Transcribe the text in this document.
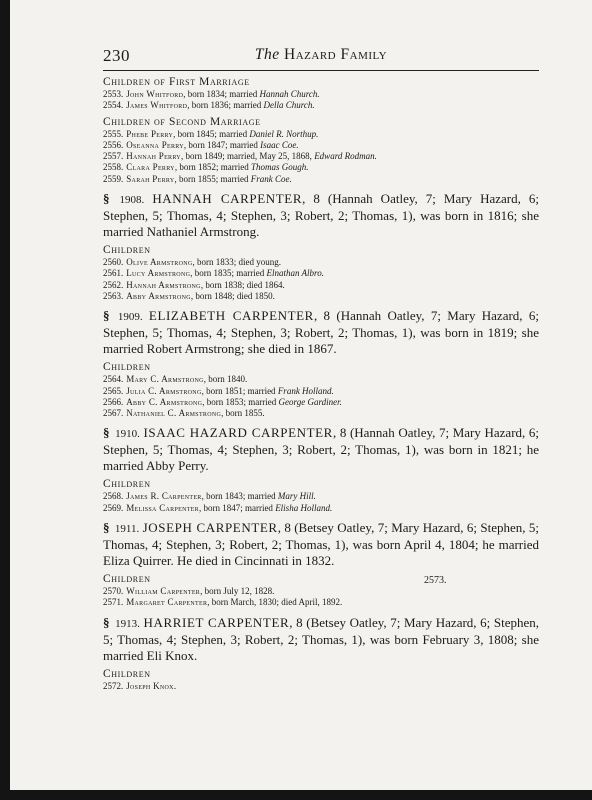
230	The Hazard Family

Children of First Marriage

2553. John Whitford, born 1834; married Hannah Church.
2554. James Whitford, born 1836; married Della Church.

Children of Second Marriage

2555. Phebe Perry, born 1845; married Daniel R. Northup.
2556. Oseanna Perry, born 1847; married Isaac Coe.
2557. Hannah Perry, born 1849; married, May 25, 1868, Edward Rodman.
2558. Clara Perry, born 1852; married Thomas Gough.
2559. Sarah Perry, born 1855; married Frank Coe.

§ 1908. HANNAH CARPENTER, 8 (Hannah Oatley, 7; Mary Hazard, 6; Stephen, 5; Thomas, 4; Stephen, 3; Robert, 2; Thomas, 1), was born in 1816; she married Nathaniel Armstrong.

Children

2560. Olive Armstrong, born 1833; died young.
2561. Lucy Armstrong, born 1835; married Elnathan Albro.
2562. Hannah Armstrong, born 1838; died 1864.
2563. Abby Armstrong, born 1848; died 1850.

§ 1909. ELIZABETH CARPENTER, 8 (Hannah Oatley, 7; Mary Hazard, 6; Stephen, 5; Thomas, 4; Stephen, 3; Robert, 2; Thomas, 1), was born in 1819; she married Robert Armstrong; she died in 1867.

Children

2564. Mary C. Armstrong, born 1840.
2565. Julia C. Armstrong, born 1851; married Frank Holland.
2566. Abby C. Armstrong, born 1853; married George Gardiner.
2567. Nathaniel C. Armstrong, born 1855.

§ 1910. ISAAC HAZARD CARPENTER, 8 (Hannah Oatley, 7; Mary Hazard, 6; Stephen, 5; Thomas, 4; Stephen, 3; Robert, 2; Thomas, 1), was born in 1821; he married Abby Perry.

Children

2568. James R. Carpenter, born 1843; married Mary Hill.
2569. Melissa Carpenter, born 1847; married Elisha Holland.

§ 1911. JOSEPH CARPENTER, 8 (Betsey Oatley, 7; Mary Hazard, 6; Stephen, 5; Thomas, 4; Stephen, 3; Robert, 2; Thomas, 1), was born April 4, 1804; he married Eliza Quirrer. He died in Cincinnati in 1832.

Children

2570. William Carpenter, born July 12, 1828.
2571. Margaret Carpenter, born March, 1830; died April, 1892.

§ 1913. HARRIET CARPENTER, 8 (Betsey Oatley, 7; Mary Hazard, 6; Stephen, 5; Thomas, 4; Stephen, 3; Robert, 2; Thomas, 1), was born February 3, 1808; she married Eli Knox.

Children

2572. Joseph Knox.
2573.
